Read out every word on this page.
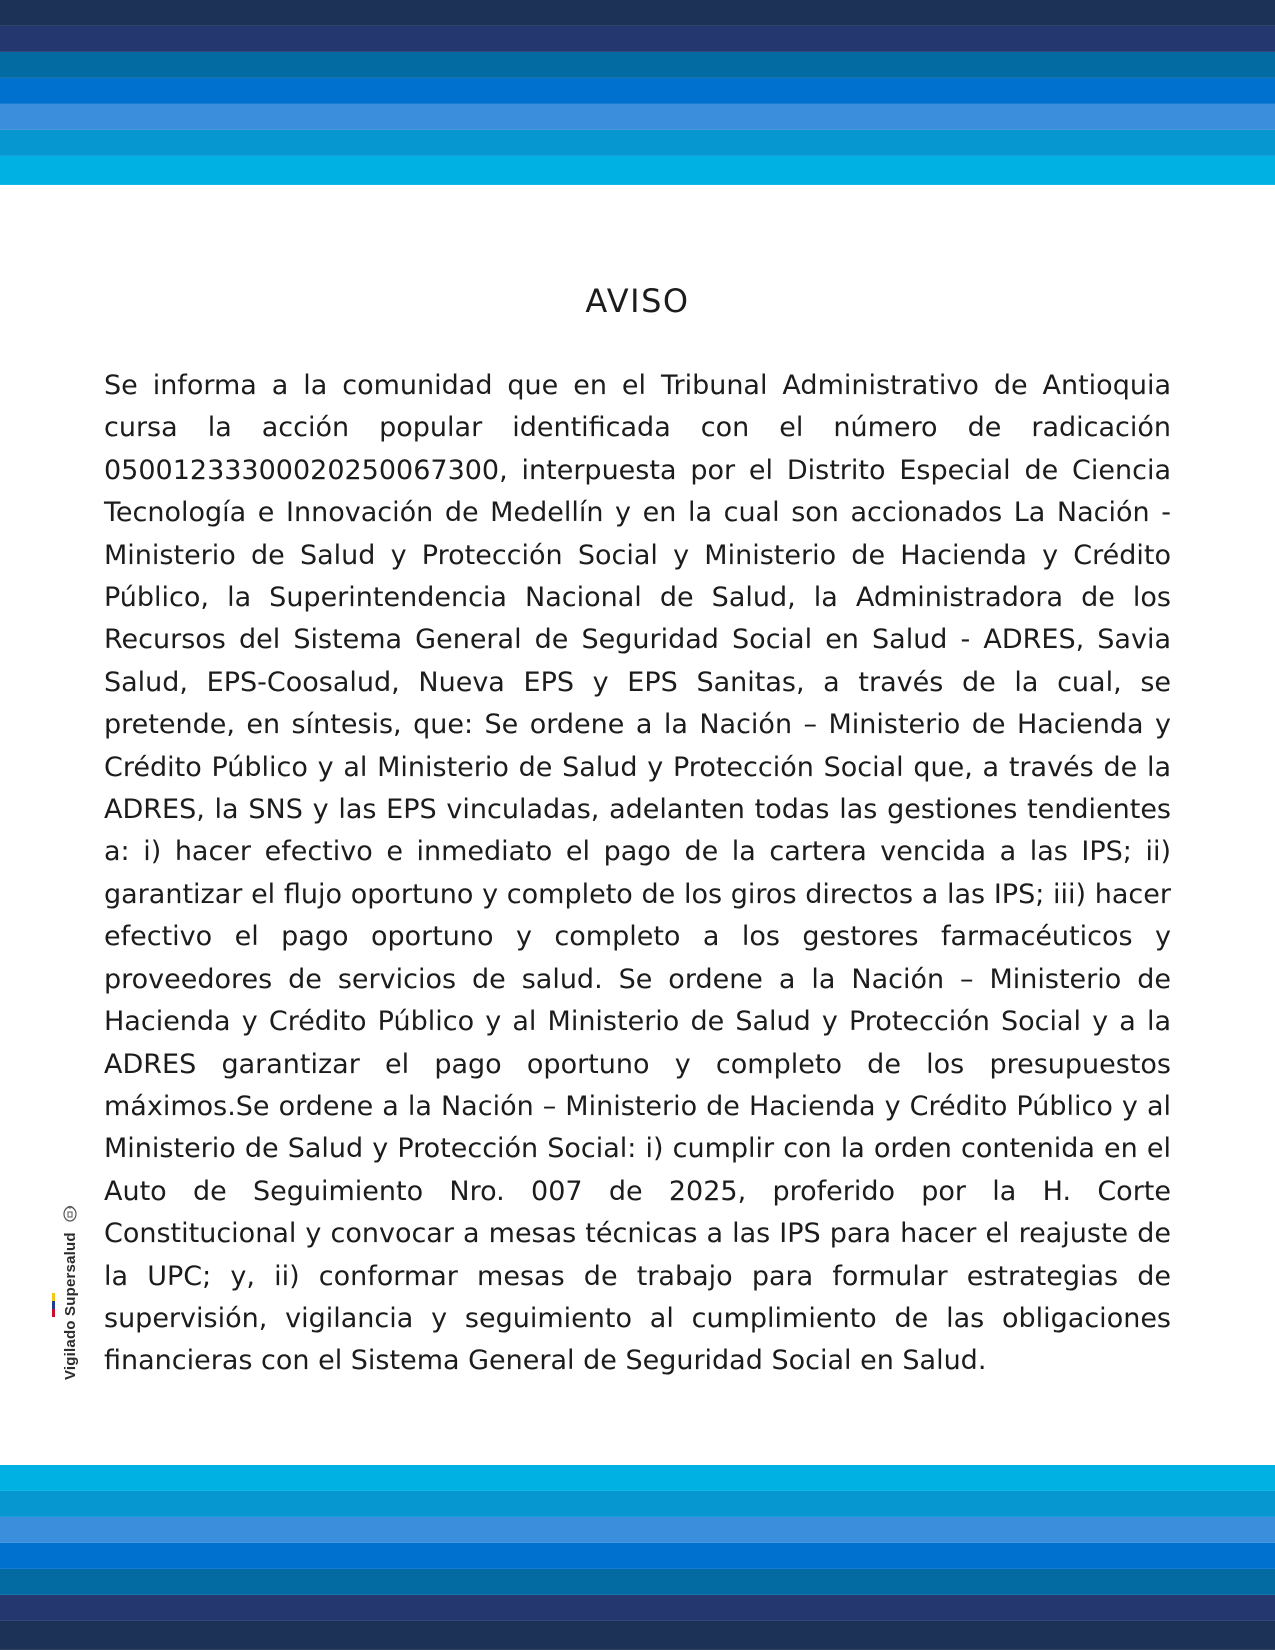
AVISO

Se informa a la comunidad que en el Tribunal Administrativo de Antioquia cursa la acción popular identificada con el número de radicación 05001233300020250067300, interpuesta por el Distrito Especial de Ciencia Tecnología e Innovación de Medellín y en la cual son accionados La Nación - Ministerio de Salud y Protección Social y Ministerio de Hacienda y Crédito Público, la Superintendencia Nacional de Salud, la Administradora de los Recursos del Sistema General de Seguridad Social en Salud - ADRES, Savia Salud, EPS-Coosalud, Nueva EPS y EPS Sanitas, a través de la cual, se pretende, en síntesis, que: Se ordene a la Nación – Ministerio de Hacienda y Crédito Público y al Ministerio de Salud y Protección Social que, a través de la ADRES, la SNS y las EPS vinculadas, adelanten todas las gestiones tendientes a: i) hacer efectivo e inmediato el pago de la cartera vencida a las IPS; ii) garantizar el flujo oportuno y completo de los giros directos a las IPS; iii) hacer efectivo el pago oportuno y completo a los gestores farmacéuticos y proveedores de servicios de salud. Se ordene a la Nación – Ministerio de Hacienda y Crédito Público y al Ministerio de Salud y Protección Social y a la ADRES garantizar el pago oportuno y completo de los presupuestos máximos.Se ordene a la Nación – Ministerio de Hacienda y Crédito Público y al Ministerio de Salud y Protección Social: i) cumplir con la orden contenida en el Auto de Seguimiento Nro. 007 de 2025, proferido por la H. Corte Constitucional y convocar a mesas técnicas a las IPS para hacer el reajuste de la UPC; y, ii) conformar mesas de trabajo para formular estrategias de supervisión, vigilancia y seguimiento al cumplimiento de las obligaciones financieras con el Sistema General de Seguridad Social en Salud.

Vigilado Supersalud
